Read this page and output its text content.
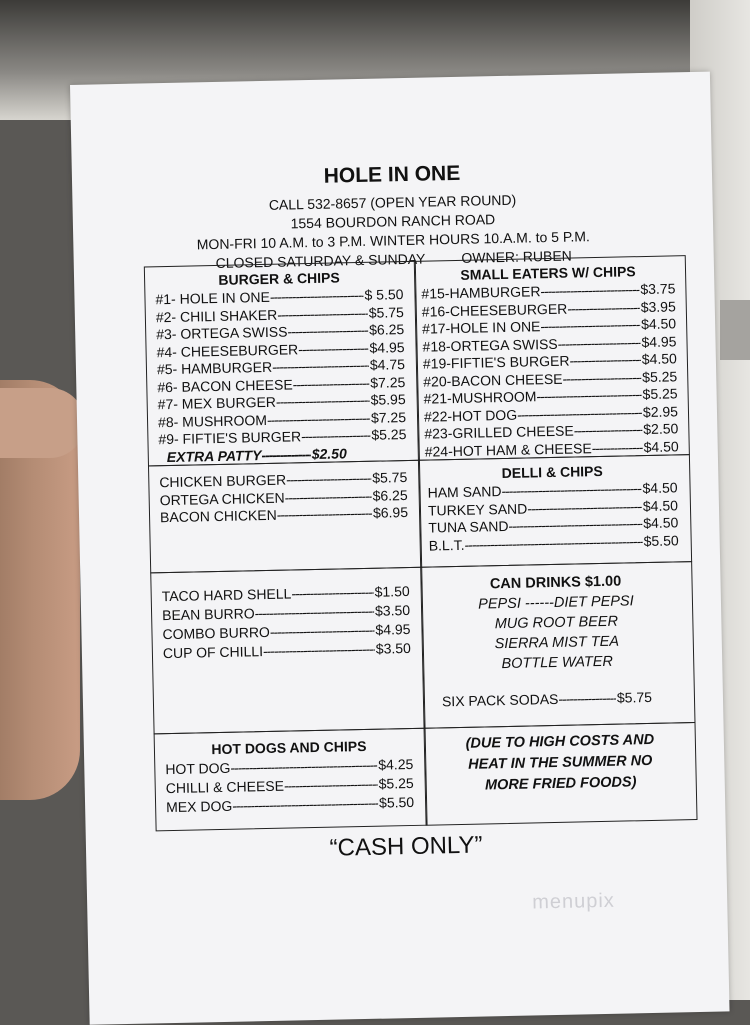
HOLE IN ONE
CALL 532-8657 (OPEN YEAR ROUND)
1554 BOURDON RANCH ROAD
MON-FRI 10 A.M. to 3 P.M. WINTER HOURS 10.A.M. to 5 P.M.
CLOSED SATURDAY & SUNDAY	OWNER: RUBEN
BURGER & CHIPS
#1- HOLE IN ONE -----	$ 5.50
#2- CHILI SHAKER -----	$5.75
#3- ORTEGA SWISS -----	$6.25
#4- CHEESEBURGER -----	$4.95
#5- HAMBURGER -----	$4.75
#6- BACON CHEESE -----	$7.25
#7- MEX BURGER -----	$5.95
#8- MUSHROOM -----	$7.25
#9- FIFTIE'S BURGER -----	$5.25
EXTRA PATTY -----	$2.50
SMALL EATERS W/ CHIPS
#15-HAMBURGER -----	$3.75
#16-CHEESEBURGER -----	$3.95
#17-HOLE IN ONE -----	$4.50
#18-ORTEGA SWISS -----	$4.95
#19-FIFTIE'S BURGER -----	$4.50
#20-BACON CHEESE -----	$5.25
#21-MUSHROOM -----	$5.25
#22-HOT DOG -----	$2.95
#23-GRILLED CHEESE -----	$2.50
#24-HOT HAM & CHEESE -----	$4.50
CHICKEN BURGER -----	$5.75
ORTEGA CHICKEN -----	$6.25
BACON CHICKEN -----	$6.95
DELLI & CHIPS
HAM SAND -----	$4.50
TURKEY SAND -----	$4.50
TUNA SAND -----	$4.50
B.L.T. -----	$5.50
TACO HARD SHELL -----	$1.50
BEAN BURRO -----	$3.50
COMBO BURRO -----	$4.95
CUP OF CHILLI -----	$3.50
CAN DRINKS $1.00
PEPSI ------DIET PEPSI
MUG ROOT BEER
SIERRA MIST TEA
BOTTLE WATER
SIX PACK SODAS -----	$5.75
HOT DOGS AND CHIPS
HOT DOG -----	$4.25
CHILLI & CHEESE -----	$5.25
MEX DOG -----	$5.50
(DUE TO HIGH COSTS AND
HEAT IN THE SUMMER NO
MORE FRIED FOODS)
“CASH ONLY”
menupix
